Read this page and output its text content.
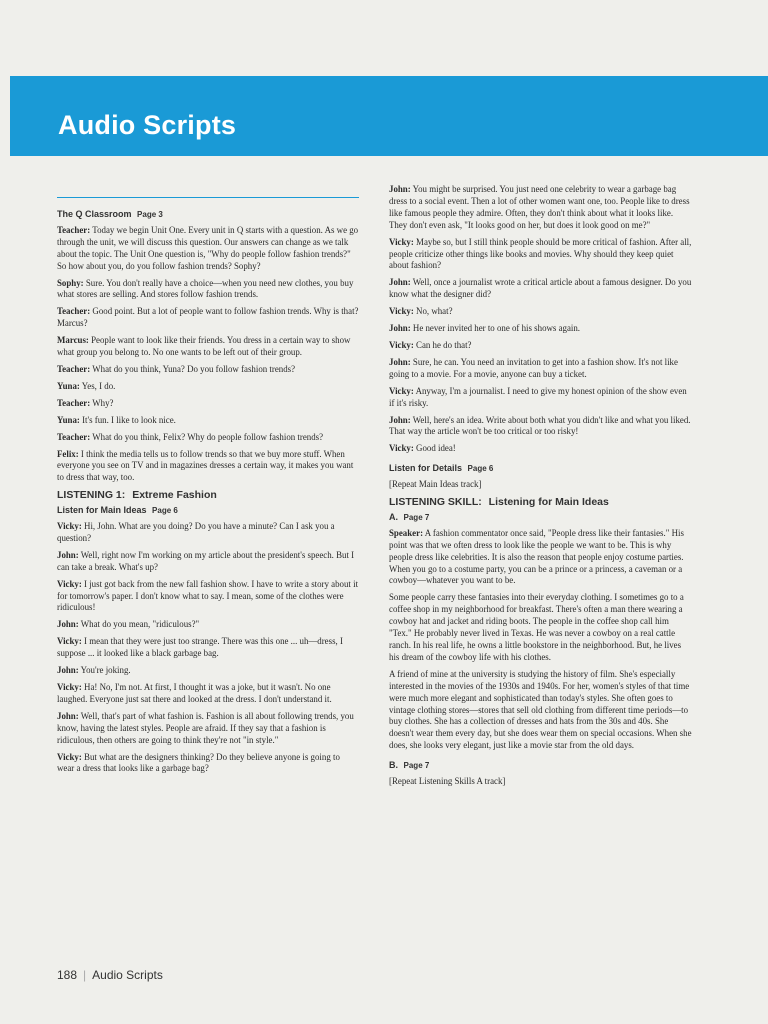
Audio Scripts
The Q Classroom Page 3

Teacher: Today we begin Unit One. Every unit in Q starts with a question. As we go through the unit, we will discuss this question. Our answers can change as we talk about the topic. The Unit One question is, "Why do people follow fashion trends?" So how about you, do you follow fashion trends? Sophy?

Sophy: Sure. You don't really have a choice—when you need new clothes, you buy what stores are selling. And stores follow fashion trends.

Teacher: Good point. But a lot of people want to follow fashion trends. Why is that? Marcus?

Marcus: People want to look like their friends. You dress in a certain way to show what group you belong to. No one wants to be left out of their group.

Teacher: What do you think, Yuna? Do you follow fashion trends?

Yuna: Yes, I do.

Teacher: Why?

Yuna: It's fun. I like to look nice.

Teacher: What do you think, Felix? Why do people follow fashion trends?

Felix: I think the media tells us to follow trends so that we buy more stuff. When everyone you see on TV and in magazines dresses a certain way, it makes you want to dress that way, too.

LISTENING 1: Extreme Fashion
Listen for Main Ideas Page 6

Vicky: Hi, John. What are you doing? Do you have a minute? Can I ask you a question?

John: Well, right now I'm working on my article about the president's speech. But I can take a break. What's up?

Vicky: I just got back from the new fall fashion show. I have to write a story about it for tomorrow's paper. I don't know what to say. I mean, some of the clothes were ridiculous!

John: What do you mean, "ridiculous?"

Vicky: I mean that they were just too strange. There was this one ... uh—dress, I suppose ... it looked like a black garbage bag.

John: You're joking.

Vicky: Ha! No, I'm not. At first, I thought it was a joke, but it wasn't. No one laughed. Everyone just sat there and looked at the dress. I don't understand it.

John: Well, that's part of what fashion is. Fashion is all about following trends, you know, having the latest styles. People are afraid. If they say that a fashion is ridiculous, then others are going to think they're not "in style."

Vicky: But what are the designers thinking? Do they believe anyone is going to wear a dress that looks like a garbage bag?

John: You might be surprised. You just need one celebrity to wear a garbage bag dress to a social event. Then a lot of other women want one, too. People like to dress like famous people they admire. Often, they don't think about what it looks like. They don't even ask, "It looks good on her, but does it look good on me?"

Vicky: Maybe so, but I still think people should be more critical of fashion. After all, people criticize other things like books and movies. Why should they keep quiet about fashion?

John: Well, once a journalist wrote a critical article about a famous designer. Do you know what the designer did?

Vicky: No, what?

John: He never invited her to one of his shows again.

Vicky: Can he do that?

John: Sure, he can. You need an invitation to get into a fashion show. It's not like going to a movie. For a movie, anyone can buy a ticket.

Vicky: Anyway, I'm a journalist. I need to give my honest opinion of the show even if it's risky.

John: Well, here's an idea. Write about both what you didn't like and what you liked. That way the article won't be too critical or too risky!

Vicky: Good idea!

Listen for Details Page 6

[Repeat Main Ideas track]

LISTENING SKILL: Listening for Main Ideas
A. Page 7

Speaker: A fashion commentator once said, "People dress like their fantasies." His point was that we often dress to look like the people we want to be. This is why people dress like celebrities. It is also the reason that people enjoy costume parties. When you go to a costume party, you can be a prince or a princess, a caveman or a cowboy—whatever you want to be.

Some people carry these fantasies into their everyday clothing. I sometimes go to a coffee shop in my neighborhood for breakfast. There's often a man there wearing a cowboy hat and jacket and riding boots. The people in the coffee shop call him "Tex." He probably never lived in Texas. He was never a cowboy on a real cattle ranch. In his real life, he owns a little bookstore in the neighborhood. But, he lives his dream of the cowboy life with his clothes.

A friend of mine at the university is studying the history of film. She's especially interested in the movies of the 1930s and 1940s. For her, women's styles of that time were much more elegant and sophisticated than today's styles. She often goes to vintage clothing stores—stores that sell old clothing from different time periods—to buy clothes. She has a collection of dresses and hats from the 30s and 40s. She doesn't wear them every day, but she does wear them on special occasions. When she does, she looks very elegant, just like a movie star from the old days.

B. Page 7

[Repeat Listening Skills A track]

188 | Audio Scripts
